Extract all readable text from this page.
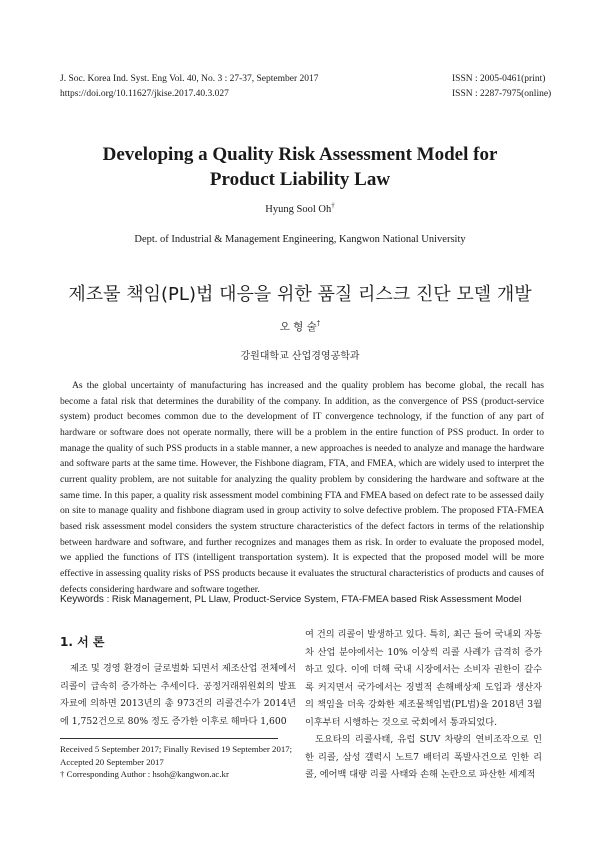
J. Soc. Korea Ind. Syst. Eng Vol. 40, No. 3 : 27-37, September 2017
https://doi.org/10.11627/jkise.2017.40.3.027
ISSN : 2005-0461(print)
ISSN : 2287-7975(online)
Developing a Quality Risk Assessment Model for
Product Liability Law
Hyung Sool Oh†
Dept. of Industrial & Management Engineering, Kangwon National University
제조물 책임(PL)법 대응을 위한 품질 리스크 진단 모델 개발
오 형 술†
강원대학교 산업경영공학과

As the global uncertainty of manufacturing has increased and the quality problem has become global, the recall has become a fatal risk that determines the durability of the company. In addition, as the convergence of PSS (product-service system) product becomes common due to the development of IT convergence technology, if the function of any part of hardware or software does not operate normally, there will be a problem in the entire function of PSS product. In order to manage the quality of such PSS products in a stable manner, a new approaches is needed to analyze and manage the hardware and software parts at the same time. However, the Fishbone diagram, FTA, and FMEA, which are widely used to interpret the current quality problem, are not suitable for analyzing the quality problem by considering the hardware and software at the same time. In this paper, a quality risk assessment model combining FTA and FMEA based on defect rate to be assessed daily on site to manage quality and fishbone diagram used in group activity to solve defective problem. The proposed FTA-FMEA based risk assessment model considers the system structure characteristics of the defect factors in terms of the relationship between hardware and software, and further recognizes and manages them as risk. In order to evaluate the proposed model, we applied the functions of ITS (intelligent transportation system). It is expected that the proposed model will be more effective in assessing quality risks of PSS products because it evaluates the structural characteristics of products and causes of defects considering hardware and software together.

Keywords : Risk Management, PL Llaw, Product-Service System, FTA-FMEA based Risk Assessment Model
1. 서 론

제조 및 경영 환경이 글로벌화 되면서 제조산업 전체에서 리콜이 급속히 증가하는 추세이다. 공정거래위원회의 발표자료에 의하면 2013년의 총 973건의 리콜건수가 2014년에 1,752건으로 80% 정도 증가한 이후로 해마다 1,600

Received 5 September 2017; Finally Revised 19 September 2017;
Accepted 20 September 2017
† Corresponding Author : hsoh@kangwon.ac.kr

여 건의 리콜이 발생하고 있다. 특히, 최근 들어 국내외 자동차 산업 분야에서는 10% 이상씩 리콜 사례가 급격히 증가하고 있다. 이에 더해 국내 시장에서는 소비자 권한이 갈수록 커지면서 국가에서는 징벌적 손해배상제 도입과 생산자의 책임을 더욱 강화한 제조물책임법(PL법)을 2018년 3월 이후부터 시행하는 것으로 국회에서 통과되었다.

도요타의 리콜사태, 유럽 SUV 차량의 연비조작으로 인한 리콜, 삼성 갤럭시 노트7 배터리 폭발사건으로 인한 리콜, 에어백 대량 리콜 사태와 손해 논란으로 파산한 세계적
